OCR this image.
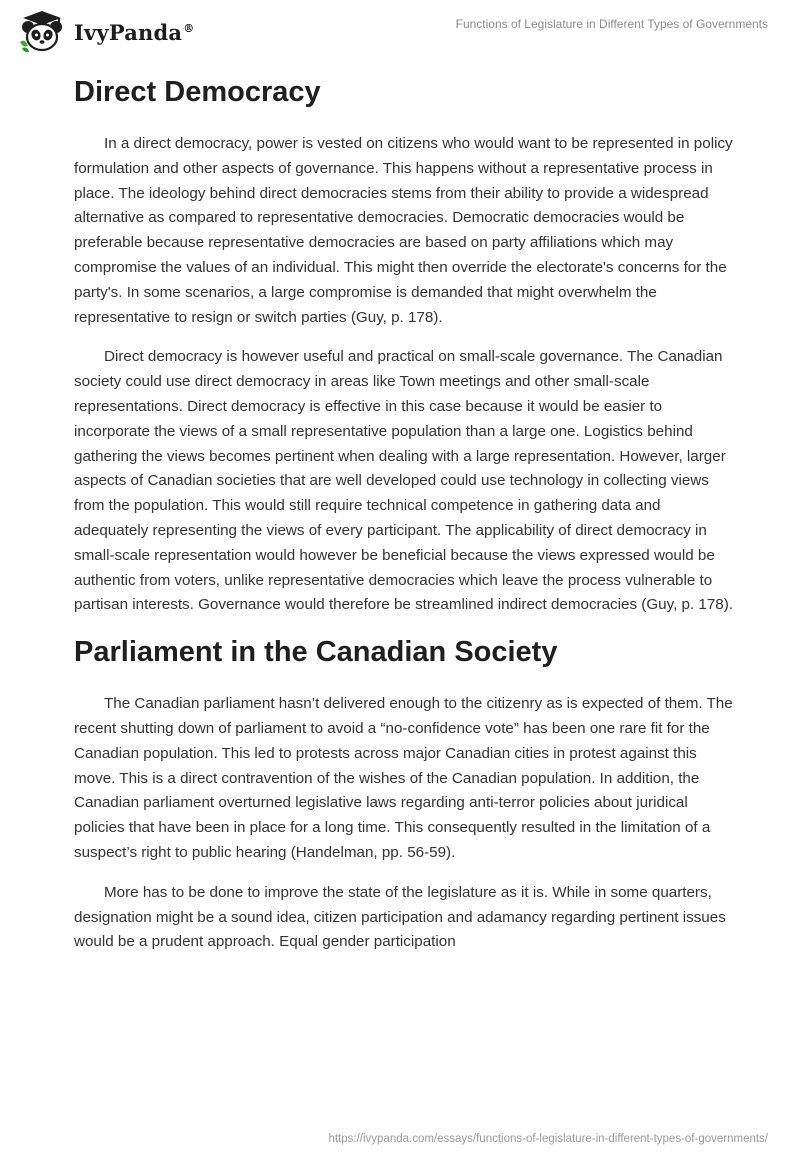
IvyPanda®	Functions of Legislature in Different Types of Governments
Direct Democracy

In a direct democracy, power is vested on citizens who would want to be represented in policy formulation and other aspects of governance. This happens without a representative process in place. The ideology behind direct democracies stems from their ability to provide a widespread alternative as compared to representative democracies. Democratic democracies would be preferable because representative democracies are based on party affiliations which may compromise the values of an individual. This might then override the electorate's concerns for the party's. In some scenarios, a large compromise is demanded that might overwhelm the representative to resign or switch parties (Guy, p. 178).

Direct democracy is however useful and practical on small-scale governance. The Canadian society could use direct democracy in areas like Town meetings and other small-scale representations. Direct democracy is effective in this case because it would be easier to incorporate the views of a small representative population than a large one. Logistics behind gathering the views becomes pertinent when dealing with a large representation. However, larger aspects of Canadian societies that are well developed could use technology in collecting views from the population. This would still require technical competence in gathering data and adequately representing the views of every participant. The applicability of direct democracy in small-scale representation would however be beneficial because the views expressed would be authentic from voters, unlike representative democracies which leave the process vulnerable to partisan interests. Governance would therefore be streamlined indirect democracies (Guy, p. 178).

Parliament in the Canadian Society

The Canadian parliament hasn’t delivered enough to the citizenry as is expected of them. The recent shutting down of parliament to avoid a “no-confidence vote” has been one rare fit for the Canadian population. This led to protests across major Canadian cities in protest against this move. This is a direct contravention of the wishes of the Canadian population. In addition, the Canadian parliament overturned legislative laws regarding anti-terror policies about juridical policies that have been in place for a long time. This consequently resulted in the limitation of a suspect’s right to public hearing (Handelman, pp. 56-59).

More has to be done to improve the state of the legislature as it is. While in some quarters, designation might be a sound idea, citizen participation and adamancy regarding pertinent issues would be a prudent approach. Equal gender participation

https://ivypanda.com/essays/functions-of-legislature-in-different-types-of-governments/
